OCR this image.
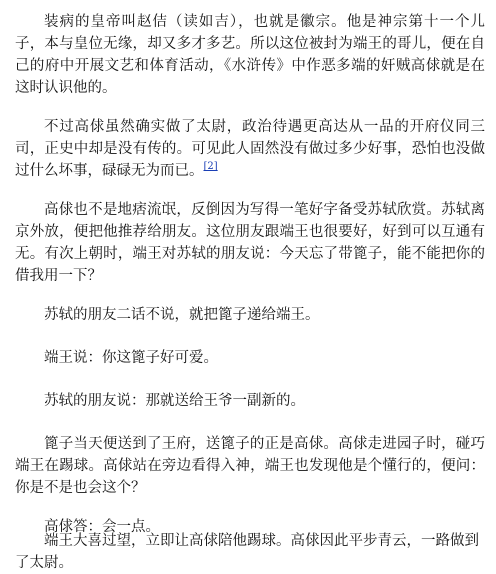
装病的皇帝叫赵佶（读如吉），也就是徽宗。他是神宗第十一个儿子，本与皇位无缘，却又多才多艺。所以这位被封为端王的哥儿，便在自己的府中开展文艺和体育活动，《水浒传》中作恶多端的奸贼高俅就是在这时认识他的。

不过高俅虽然确实做了太尉，政治待遇更高达从一品的开府仪同三司，正史中却是没有传的。可见此人固然没有做过多少好事，恐怕也没做过什么坏事，碌碌无为而已。[2]

高俅也不是地痞流氓，反倒因为写得一笔好字备受苏轼欣赏。苏轼离京外放，便把他推荐给朋友。这位朋友跟端王也很要好，好到可以互通有无。有次上朝时，端王对苏轼的朋友说：今天忘了带篦子，能不能把你的借我用一下？

苏轼的朋友二话不说，就把篦子递给端王。

端王说：你这篦子好可爱。

苏轼的朋友说：那就送给王爷一副新的。

篦子当天便送到了王府，送篦子的正是高俅。高俅走进园子时，碰巧端王在踢球。高俅站在旁边看得入神，端王也发现他是个懂行的，便问：你是不是也会这个？

高俅答：会一点。

端王大喜过望，立即让高俅陪他踢球。高俅因此平步青云，一路做到了太尉。
